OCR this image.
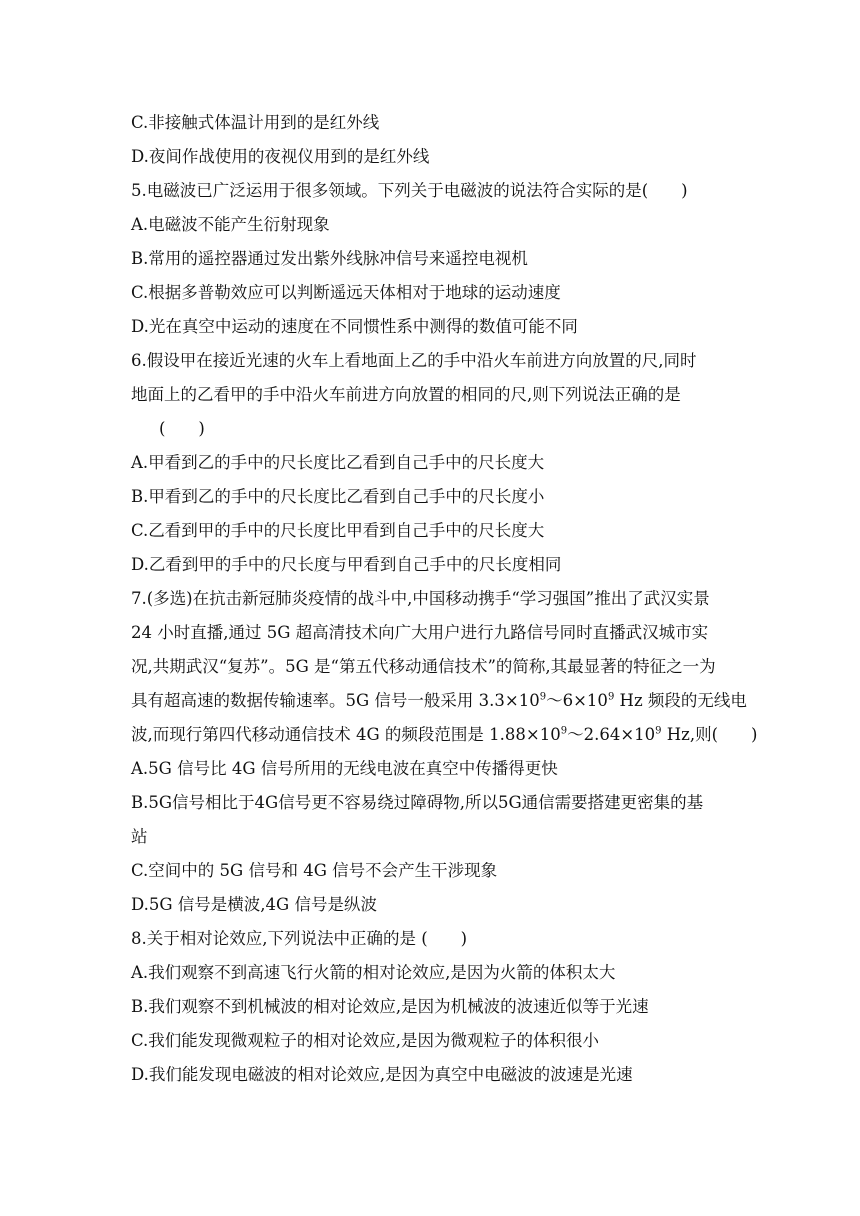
C.非接触式体温计用到的是红外线
D.夜间作战使用的夜视仪用到的是红外线
5.电磁波已广泛运用于很多领域。下列关于电磁波的说法符合实际的是(　　)
A.电磁波不能产生衍射现象
B.常用的遥控器通过发出紫外线脉冲信号来遥控电视机
C.根据多普勒效应可以判断遥远天体相对于地球的运动速度
D.光在真空中运动的速度在不同惯性系中测得的数值可能不同
6.假设甲在接近光速的火车上看地面上乙的手中沿火车前进方向放置的尺,同时
地面上的乙看甲的手中沿火车前进方向放置的相同的尺,则下列说法正确的是
(　　)
A.甲看到乙的手中的尺长度比乙看到自己手中的尺长度大
B.甲看到乙的手中的尺长度比乙看到自己手中的尺长度小
C.乙看到甲的手中的尺长度比甲看到自己手中的尺长度大
D.乙看到甲的手中的尺长度与甲看到自己手中的尺长度相同
7.(多选)在抗击新冠肺炎疫情的战斗中,中国移动携手“学习强国”推出了武汉实景
24 小时直播,通过 5G 超高清技术向广大用户进行九路信号同时直播武汉城市实
况,共期武汉“复苏”。5G 是“第五代移动通信技术”的简称,其最显著的特征之一为
具有超高速的数据传输速率。5G 信号一般采用 $3.3\times 10^9\sim 6\times 10^9$ Hz 频段的无线电
波,而现行第四代移动通信技术 4G 的频段范围是 $1.88\times 10^9\sim 2.64\times 10^9$ Hz,则(　　)
A.5G 信号比 4G 信号所用的无线电波在真空中传播得更快
B.5G信号相比于4G信号更不容易绕过障碍物,所以5G通信需要搭建更密集的基
站
C.空间中的 5G 信号和 4G 信号不会产生干涉现象
D.5G 信号是横波,4G 信号是纵波
8.关于相对论效应,下列说法中正确的是 (　　)
A.我们观察不到高速飞行火箭的相对论效应,是因为火箭的体积太大
B.我们观察不到机械波的相对论效应,是因为机械波的波速近似等于光速
C.我们能发现微观粒子的相对论效应,是因为微观粒子的体积很小
D.我们能发现电磁波的相对论效应,是因为真空中电磁波的波速是光速
